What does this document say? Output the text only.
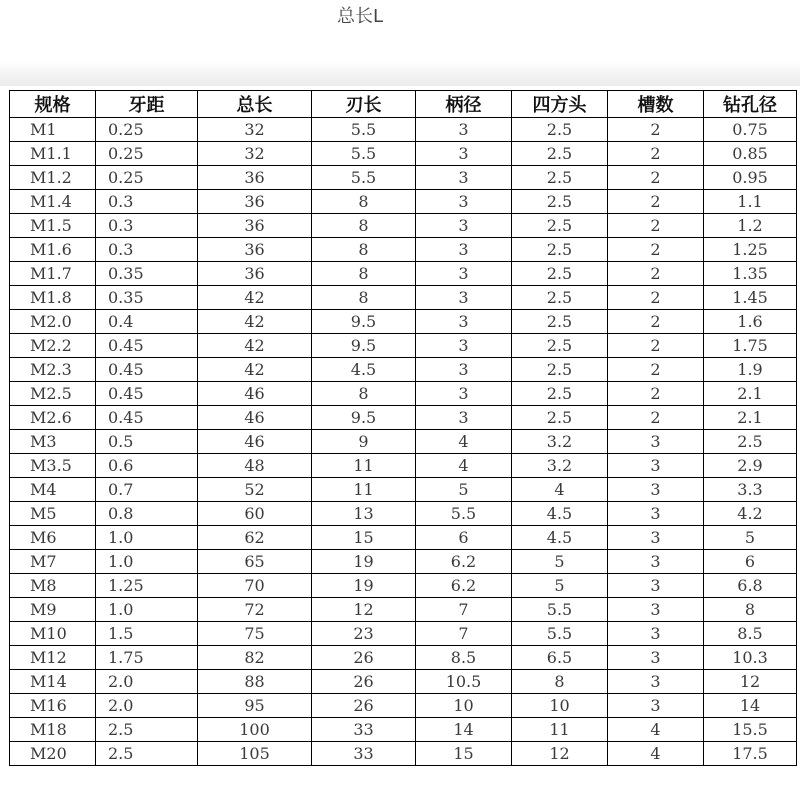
总长L
规格	牙距	总长	刃长	柄径	四方头	槽数	钻孔径
M1	0.25	32	5.5	3	2.5	2	0.75
M1.1	0.25	32	5.5	3	2.5	2	0.85
M1.2	0.25	36	5.5	3	2.5	2	0.95
M1.4	0.3	36	8	3	2.5	2	1.1
M1.5	0.3	36	8	3	2.5	2	1.2
M1.6	0.3	36	8	3	2.5	2	1.25
M1.7	0.35	36	8	3	2.5	2	1.35
M1.8	0.35	42	8	3	2.5	2	1.45
M2.0	0.4	42	9.5	3	2.5	2	1.6
M2.2	0.45	42	9.5	3	2.5	2	1.75
M2.3	0.45	42	4.5	3	2.5	2	1.9
M2.5	0.45	46	8	3	2.5	2	2.1
M2.6	0.45	46	9.5	3	2.5	2	2.1
M3	0.5	46	9	4	3.2	3	2.5
M3.5	0.6	48	11	4	3.2	3	2.9
M4	0.7	52	11	5	4	3	3.3
M5	0.8	60	13	5.5	4.5	3	4.2
M6	1.0	62	15	6	4.5	3	5
M7	1.0	65	19	6.2	5	3	6
M8	1.25	70	19	6.2	5	3	6.8
M9	1.0	72	12	7	5.5	3	8
M10	1.5	75	23	7	5.5	3	8.5
M12	1.75	82	26	8.5	6.5	3	10.3
M14	2.0	88	26	10.5	8	3	12
M16	2.0	95	26	10	10	3	14
M18	2.5	100	33	14	11	4	15.5
M20	2.5	105	33	15	12	4	17.5
